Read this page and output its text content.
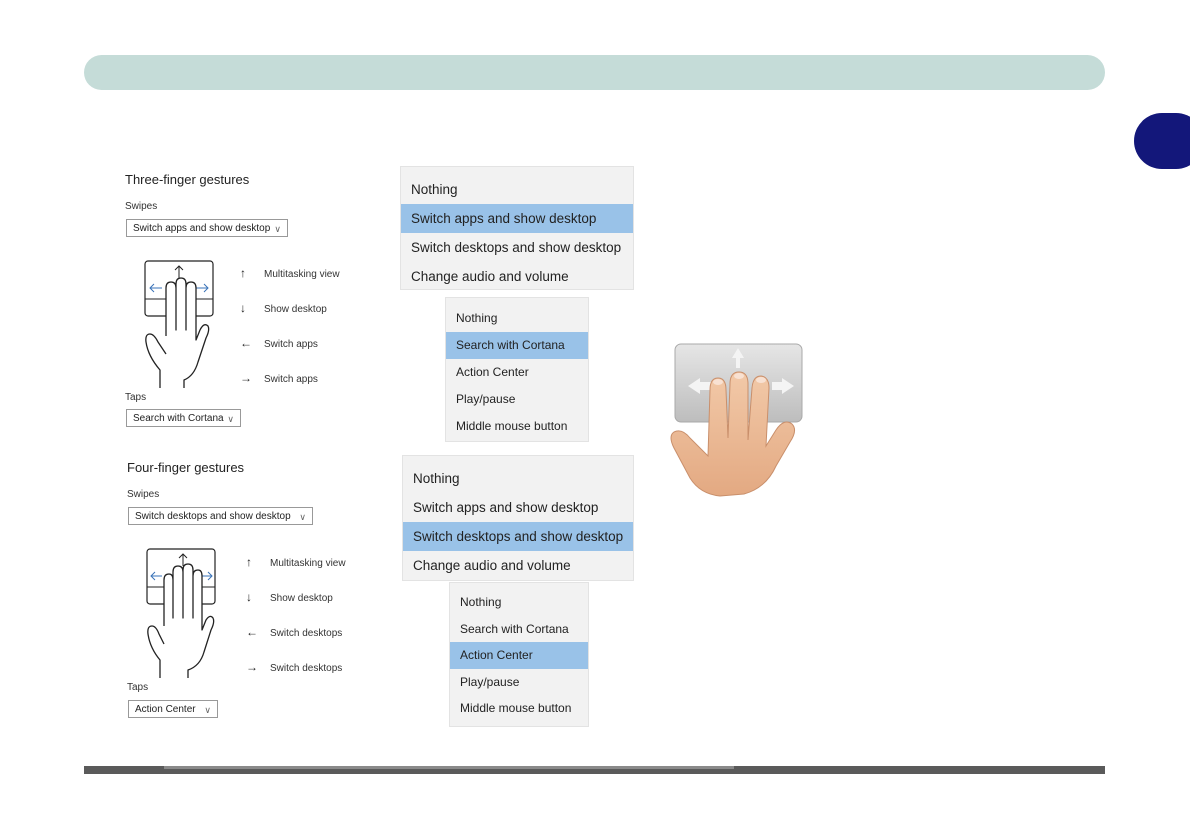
Three-finger gestures
Swipes
Switch apps and show desktop ∨
↑ Multitasking view
↓ Show desktop
← Switch apps
→ Switch apps
Taps
Search with Cortana ∨
Four-finger gestures
Swipes
Switch desktops and show desktop ∨
↑ Multitasking view
↓ Show desktop
← Switch desktops
→ Switch desktops
Taps
Action Center ∨
Nothing
Switch apps and show desktop
Switch desktops and show desktop
Change audio and volume
Nothing
Search with Cortana
Action Center
Play/pause
Middle mouse button
Nothing
Switch apps and show desktop
Switch desktops and show desktop
Change audio and volume
Nothing
Search with Cortana
Action Center
Play/pause
Middle mouse button
